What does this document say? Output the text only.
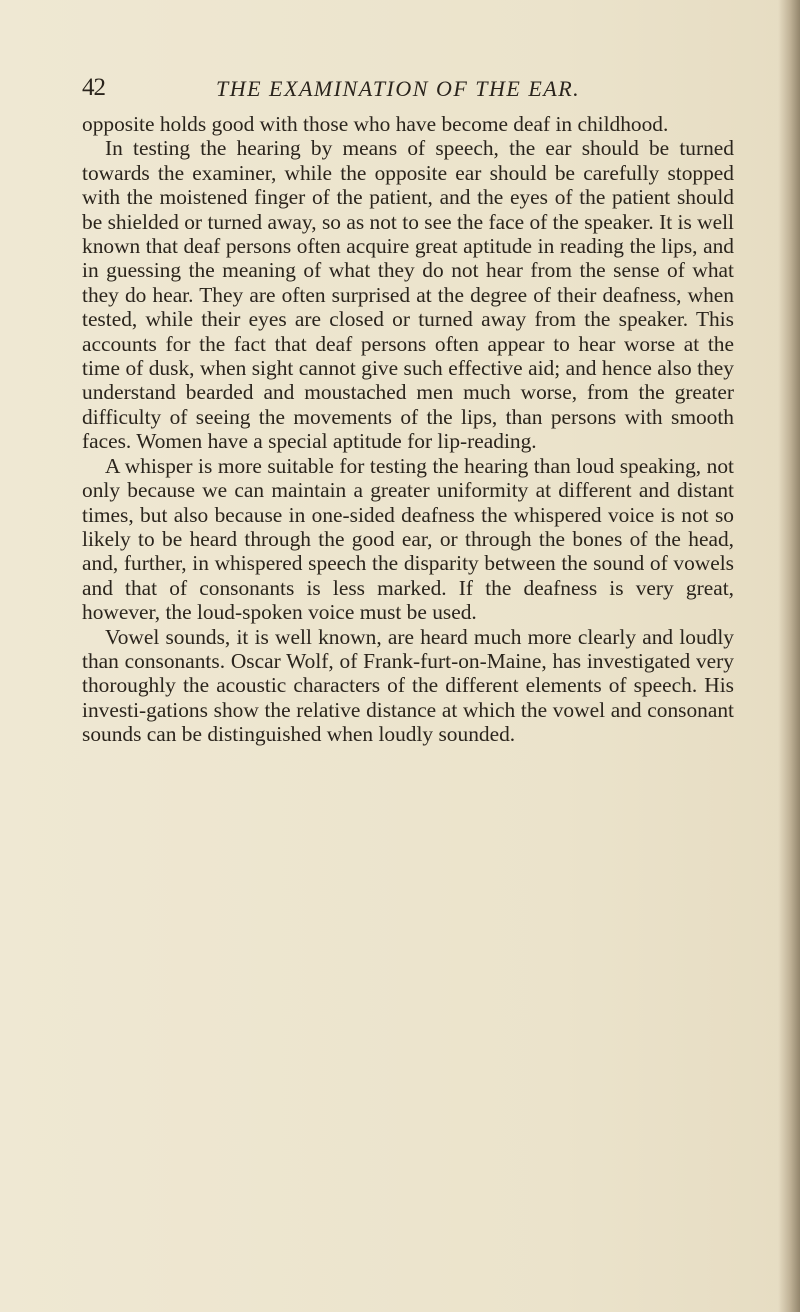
42	THE EXAMINATION OF THE EAR.

opposite holds good with those who have become deaf in childhood.

In testing the hearing by means of speech, the ear should be turned towards the examiner, while the opposite ear should be carefully stopped with the moistened finger of the patient, and the eyes of the patient should be shielded or turned away, so as not to see the face of the speaker. It is well known that deaf persons often acquire great aptitude in reading the lips, and in guessing the meaning of what they do not hear from the sense of what they do hear. They are often surprised at the degree of their deafness, when tested, while their eyes are closed or turned away from the speaker. This accounts for the fact that deaf persons often appear to hear worse at the time of dusk, when sight cannot give such effective aid; and hence also they understand bearded and moustached men much worse, from the greater difficulty of seeing the movements of the lips, than persons with smooth faces. Women have a special aptitude for lip-reading.

A whisper is more suitable for testing the hearing than loud speaking, not only because we can maintain a greater uniformity at different and distant times, but also because in one-sided deafness the whispered voice is not so likely to be heard through the good ear, or through the bones of the head, and, further, in whispered speech the disparity between the sound of vowels and that of consonants is less marked. If the deafness is very great, however, the loud-spoken voice must be used.

Vowel sounds, it is well known, are heard much more clearly and loudly than consonants. Oscar Wolf, of Frank-furt-on-Maine, has investigated very thoroughly the acoustic characters of the different elements of speech. His investi-gations show the relative distance at which the vowel and consonant sounds can be distinguished when loudly sounded.
